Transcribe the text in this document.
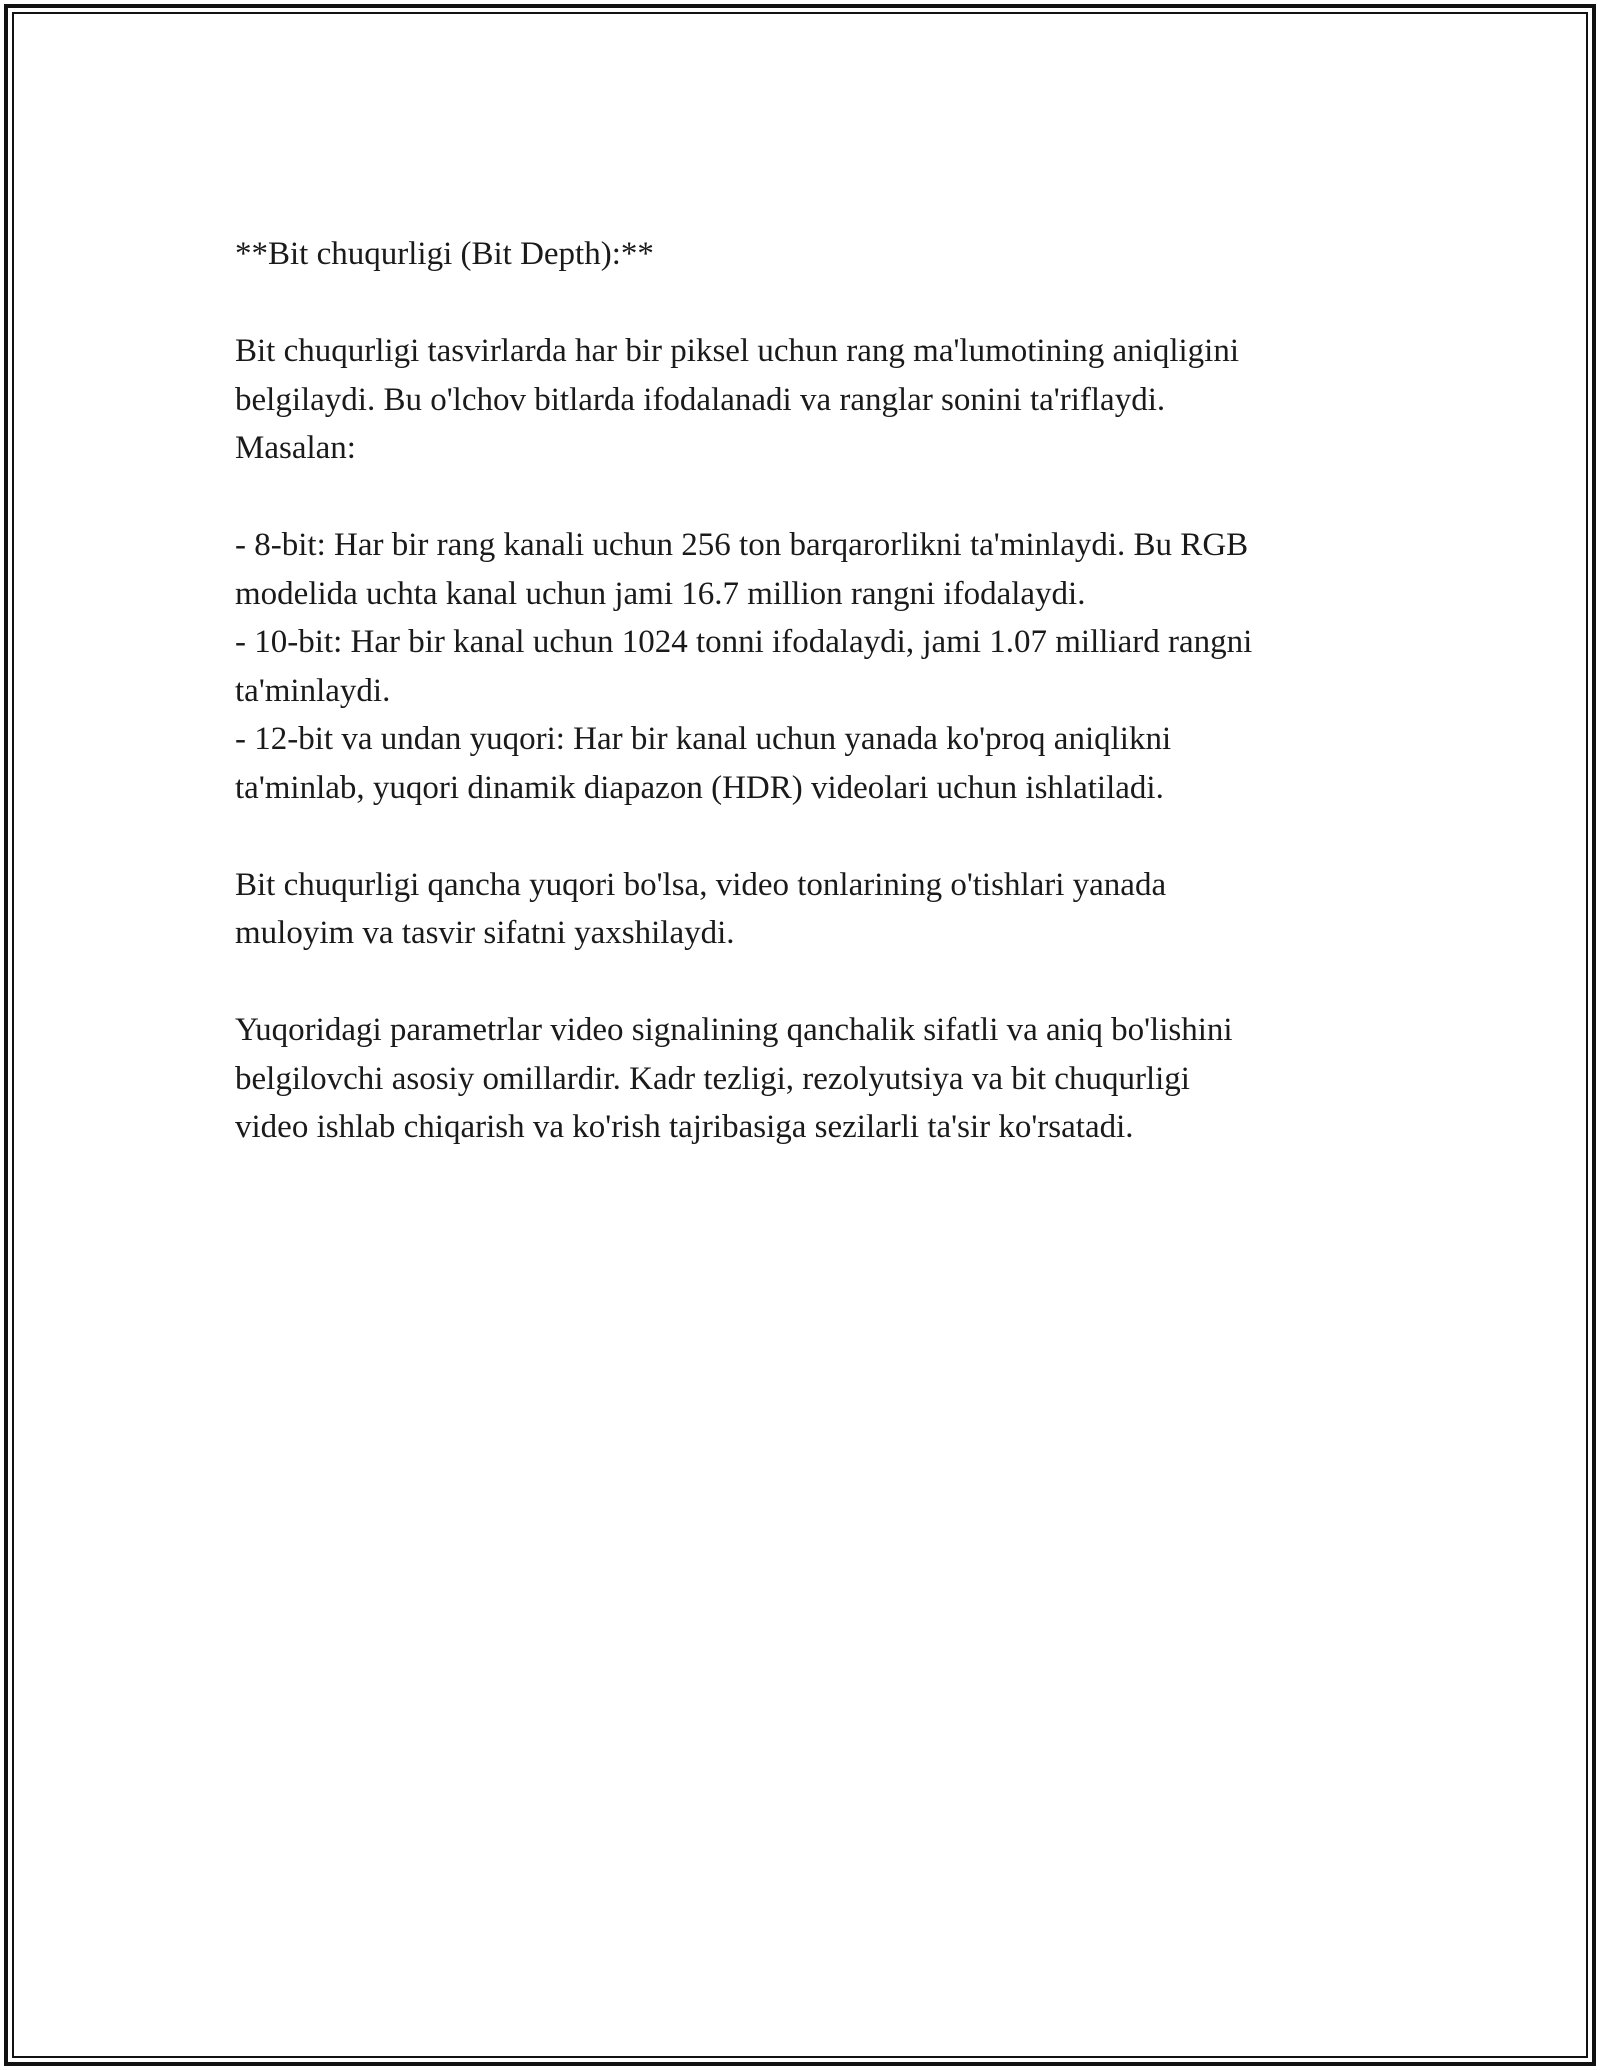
**Bit chuqurligi (Bit Depth):**

Bit chuqurligi tasvirlarda har bir piksel uchun rang ma'lumotining aniqligini
belgilaydi. Bu o'lchov bitlarda ifodalanadi va ranglar sonini ta'riflaydi.
Masalan:

- 8-bit: Har bir rang kanali uchun 256 ton barqarorlikni ta'minlaydi. Bu RGB
modelida uchta kanal uchun jami 16.7 million rangni ifodalaydi.
- 10-bit: Har bir kanal uchun 1024 tonni ifodalaydi, jami 1.07 milliard rangni
ta'minlaydi.
- 12-bit va undan yuqori: Har bir kanal uchun yanada ko'proq aniqlikni
ta'minlab, yuqori dinamik diapazon (HDR) videolari uchun ishlatiladi.

Bit chuqurligi qancha yuqori bo'lsa, video tonlarining o'tishlari yanada
muloyim va tasvir sifatni yaxshilaydi.

Yuqoridagi parametrlar video signalining qanchalik sifatli va aniq bo'lishini
belgilovchi asosiy omillardir. Kadr tezligi, rezolyutsiya va bit chuqurligi
video ishlab chiqarish va ko'rish tajribasiga sezilarli ta'sir ko'rsatadi.
